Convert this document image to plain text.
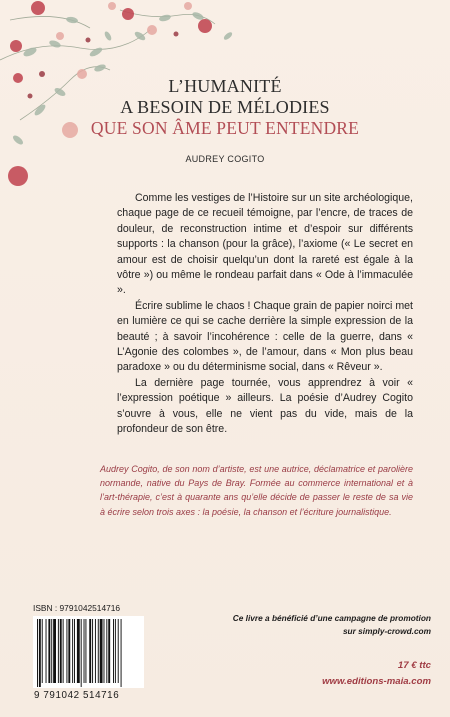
L’HUMANITÉ
A BESOIN DE MÉLODIES
QUE SON ÂME PEUT ENTENDRE
AUDREY COGITO

Comme les vestiges de l’Histoire sur un site archéologique, chaque page de ce recueil témoigne, par l’encre, de traces de douleur, de reconstruction intime et d’espoir sur différents supports : la chanson (pour la grâce), l’axiome (« Le secret en amour est de choisir quelqu’un dont la rareté est égale à la vôtre ») ou même le rondeau parfait dans « Ode à l’immaculée ».

Écrire sublime le chaos ! Chaque grain de papier noirci met en lumière ce qui se cache derrière la simple expression de la beauté ; à savoir l’incohérence : celle de la guerre, dans « L’Agonie des colombes », de l’amour, dans « Mon plus beau paradoxe » ou du déterminisme social, dans « Rêveur ».

La dernière page tournée, vous apprendrez à voir « l’expression poétique » ailleurs. La poésie d’Audrey Cogito s’ouvre à vous, elle ne vient pas du vide, mais de la profondeur de son être.

Audrey Cogito, de son nom d’artiste, est une autrice, déclamatrice et parolière normande, native du Pays de Bray. Formée au commerce international et à l’art-thérapie, c’est à quarante ans qu’elle décide de passer le reste de sa vie à écrire selon trois axes : la poésie, la chanson et l’écriture journalistique.

ISBN : 9791042514716
9 791042 514716
Ce livre a bénéficié d’une campagne de promotion
sur simply-crowd.com
17 € ttc
www.editions-maia.com
